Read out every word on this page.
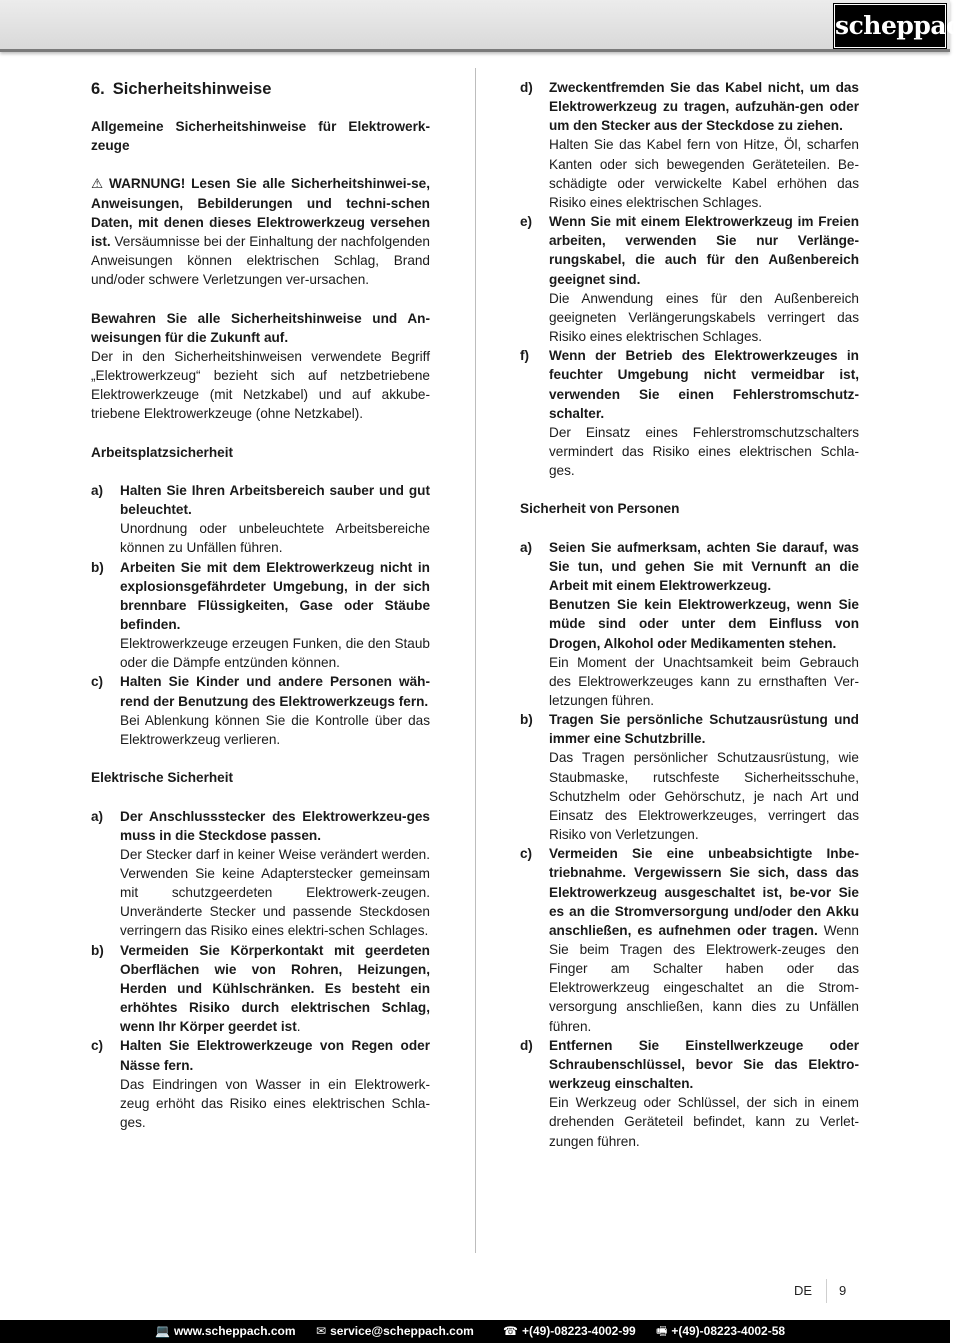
scheppach
6. Sicherheitshinweise

Allgemeine Sicherheitshinweise für Elektrowerk-zeuge

⚠ WARNUNG! Lesen Sie alle Sicherheitshinwei-se, Anweisungen, Bebilderungen und techni-schen Daten, mit denen dieses Elektrowerkzeug versehen ist. Versäumnisse bei der Einhaltung der nachfolgenden Anweisungen können elektrischen Schlag, Brand und/oder schwere Verletzungen ver-ursachen.

Bewahren Sie alle Sicherheitshinweise und An-weisungen für die Zukunft auf.

Der in den Sicherheitshinweisen verwendete Begriff „Elektrowerkzeug“ bezieht sich auf netzbetriebene Elektrowerkzeuge (mit Netzkabel) und auf akkube-triebene Elektrowerkzeuge (ohne Netzkabel).

Arbeitsplatzsicherheit

a)	Halten Sie Ihren Arbeitsbereich sauber und gut beleuchtet.

Unordnung oder unbeleuchtete Arbeitsbereiche können zu Unfällen führen.

b)	Arbeiten Sie mit dem Elektrowerkzeug nicht in explosionsgefährdeter Umgebung, in der sich brennbare Flüssigkeiten, Gase oder Stäube befinden.

Elektrowerkzeuge erzeugen Funken, die den Staub oder die Dämpfe entzünden können.

c)	Halten Sie Kinder und andere Personen wäh-rend der Benutzung des Elektrowerkzeugs fern.

Bei Ablenkung können Sie die Kontrolle über das Elektrowerkzeug verlieren.

Elektrische Sicherheit

a)	Der Anschlussstecker des Elektrowerkzeu-ges muss in die Steckdose passen.

Der Stecker darf in keiner Weise verändert werden. Verwenden Sie keine Adapterstecker gemeinsam mit schutzgeerdeten Elektrowerk-zeugen. Unveränderte Stecker und passende Steckdosen verringern das Risiko eines elektri-schen Schlages.

b)	Vermeiden Sie Körperkontakt mit geerdeten Oberflächen wie von Rohren, Heizungen, Herden und Kühlschränken. Es besteht ein erhöhtes Risiko durch elektrischen Schlag, wenn Ihr Körper geerdet ist.

c)	Halten Sie Elektrowerkzeuge von Regen oder Nässe fern.

Das Eindringen von Wasser in ein Elektrowerk-zeug erhöht das Risiko eines elektrischen Schla-ges.

d)	Zweckentfremden Sie das Kabel nicht, um das Elektrowerkzeug zu tragen, aufzuhän-gen oder um den Stecker aus der Steckdose zu ziehen.

Halten Sie das Kabel fern von Hitze, Öl, scharfen Kanten oder sich bewegenden Geräteteilen. Be-schädigte oder verwickelte Kabel erhöhen das Risiko eines elektrischen Schlages.

e)	Wenn Sie mit einem Elektrowerkzeug im Freien arbeiten, verwenden Sie nur Verlänge-rungskabel, die auch für den Außenbereich geeignet sind.

Die Anwendung eines für den Außenbereich geeigneten Verlängerungskabels verringert das Risiko eines elektrischen Schlages.

f)	Wenn der Betrieb des Elektrowerkzeuges in feuchter Umgebung nicht vermeidbar ist, verwenden Sie einen Fehlerstromschutz-schalter.

Der Einsatz eines Fehlerstromschutzschalters vermindert das Risiko eines elektrischen Schla-ges.

Sicherheit von Personen

a)	Seien Sie aufmerksam, achten Sie darauf, was Sie tun, und gehen Sie mit Vernunft an die Arbeit mit einem Elektrowerkzeug.

Benutzen Sie kein Elektrowerkzeug, wenn Sie müde sind oder unter dem Einfluss von Drogen, Alkohol oder Medikamenten stehen.

Ein Moment der Unachtsamkeit beim Gebrauch des Elektrowerkzeuges kann zu ernsthaften Ver-letzungen führen.

b)	Tragen Sie persönliche Schutzausrüstung und immer eine Schutzbrille.

Das Tragen persönlicher Schutzausrüstung, wie Staubmaske, rutschfeste Sicherheitsschuhe, Schutzhelm oder Gehörschutz, je nach Art und Einsatz des Elektrowerkzeuges, verringert das Risiko von Verletzungen.

c)	Vermeiden Sie eine unbeabsichtigte Inbe-triebnahme. Vergewissern Sie sich, dass das Elektrowerkzeug ausgeschaltet ist, be-vor Sie es an die Stromversorgung und/oder den Akku anschließen, es aufnehmen oder tragen. Wenn Sie beim Tragen des Elektrowerk-zeuges den Finger am Schalter haben oder das Elektrowerkzeug eingeschaltet an die Strom-versorgung anschließen, kann dies zu Unfällen führen.

d)	Entfernen Sie Einstellwerkzeuge oder Schraubenschlüssel, bevor Sie das Elektro-werkzeug einschalten.

Ein Werkzeug oder Schlüssel, der sich in einem drehenden Geräteteil befindet, kann zu Verlet-zungen führen.

DE 9
💻 www.scheppach.com ✉ service@scheppach.com ☎ +(49)-08223-4002-99 🖷 +(49)-08223-4002-58
